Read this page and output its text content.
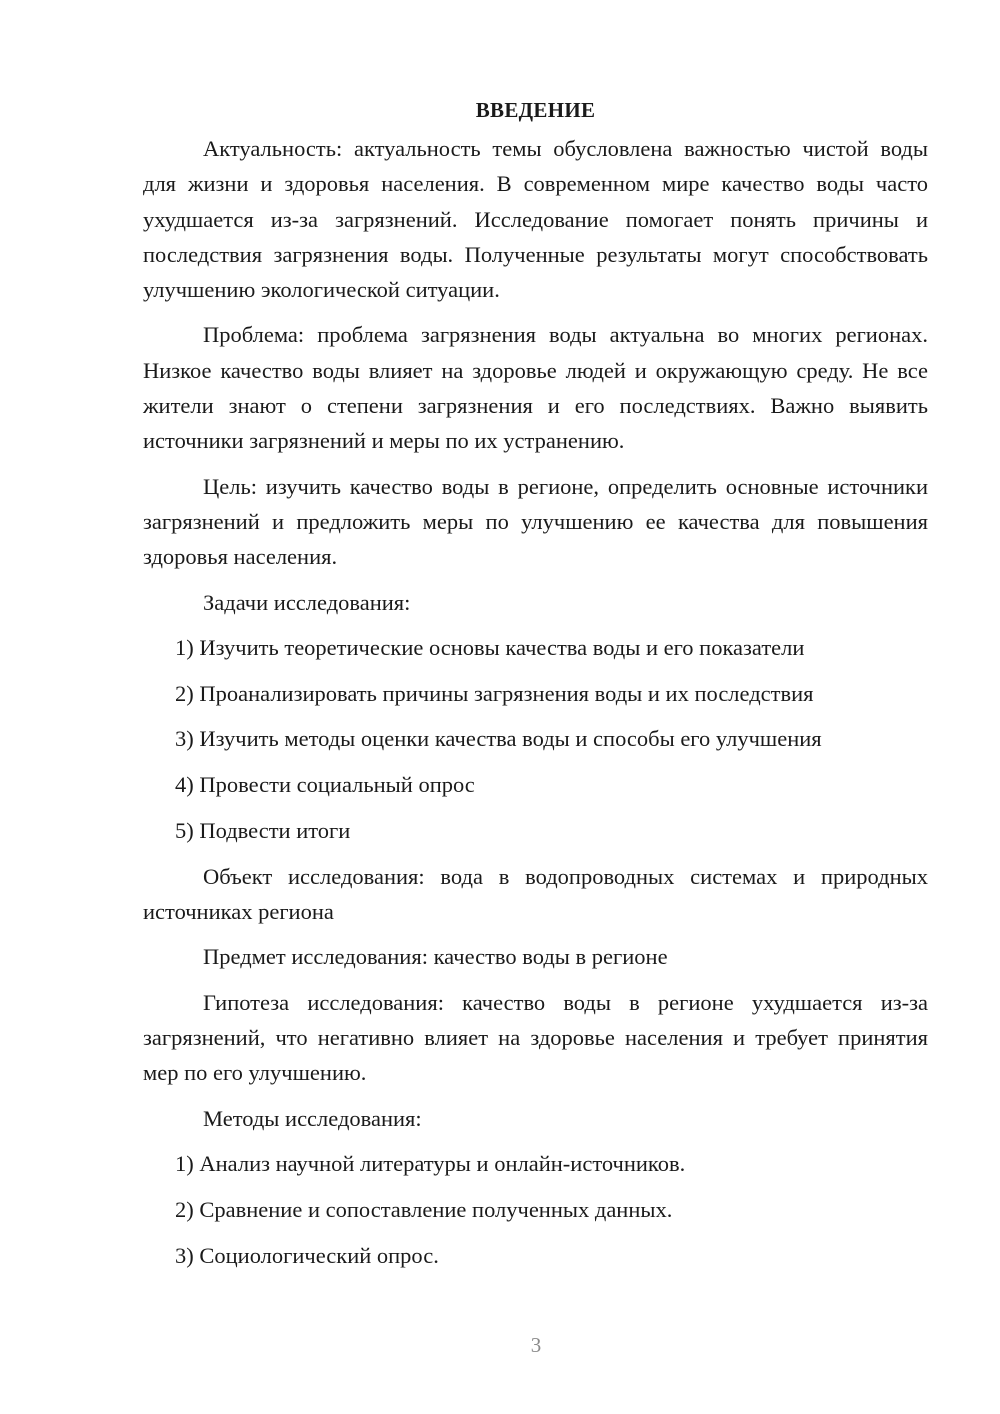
ВВЕДЕНИЕ

Актуальность: актуальность темы обусловлена важностью чистой воды для жизни и здоровья населения. В современном мире качество воды часто ухудшается из-за загрязнений. Исследование помогает понять причины и последствия загрязнения воды. Полученные результаты могут способствовать улучшению экологической ситуации.

Проблема: проблема загрязнения воды актуальна во многих регионах. Низкое качество воды влияет на здоровье людей и окружающую среду. Не все жители знают о степени загрязнения и его последствиях. Важно выявить источники загрязнений и меры по их устранению.

Цель: изучить качество воды в регионе, определить основные источники загрязнений и предложить меры по улучшению ее качества для повышения здоровья населения.

Задачи исследования:

1) Изучить теоретические основы качества воды и его показатели
2) Проанализировать причины загрязнения воды и их последствия
3) Изучить методы оценки качества воды и способы его улучшения
4) Провести социальный опрос
5) Подвести итоги

Объект исследования: вода в водопроводных системах и природных источниках региона

Предмет исследования: качество воды в регионе

Гипотеза исследования: качество воды в регионе ухудшается из-за загрязнений, что негативно влияет на здоровье населения и требует принятия мер по его улучшению.

Методы исследования:

1) Анализ научной литературы и онлайн-источников.
2) Сравнение и сопоставление полученных данных.
3) Социологический опрос.
3
